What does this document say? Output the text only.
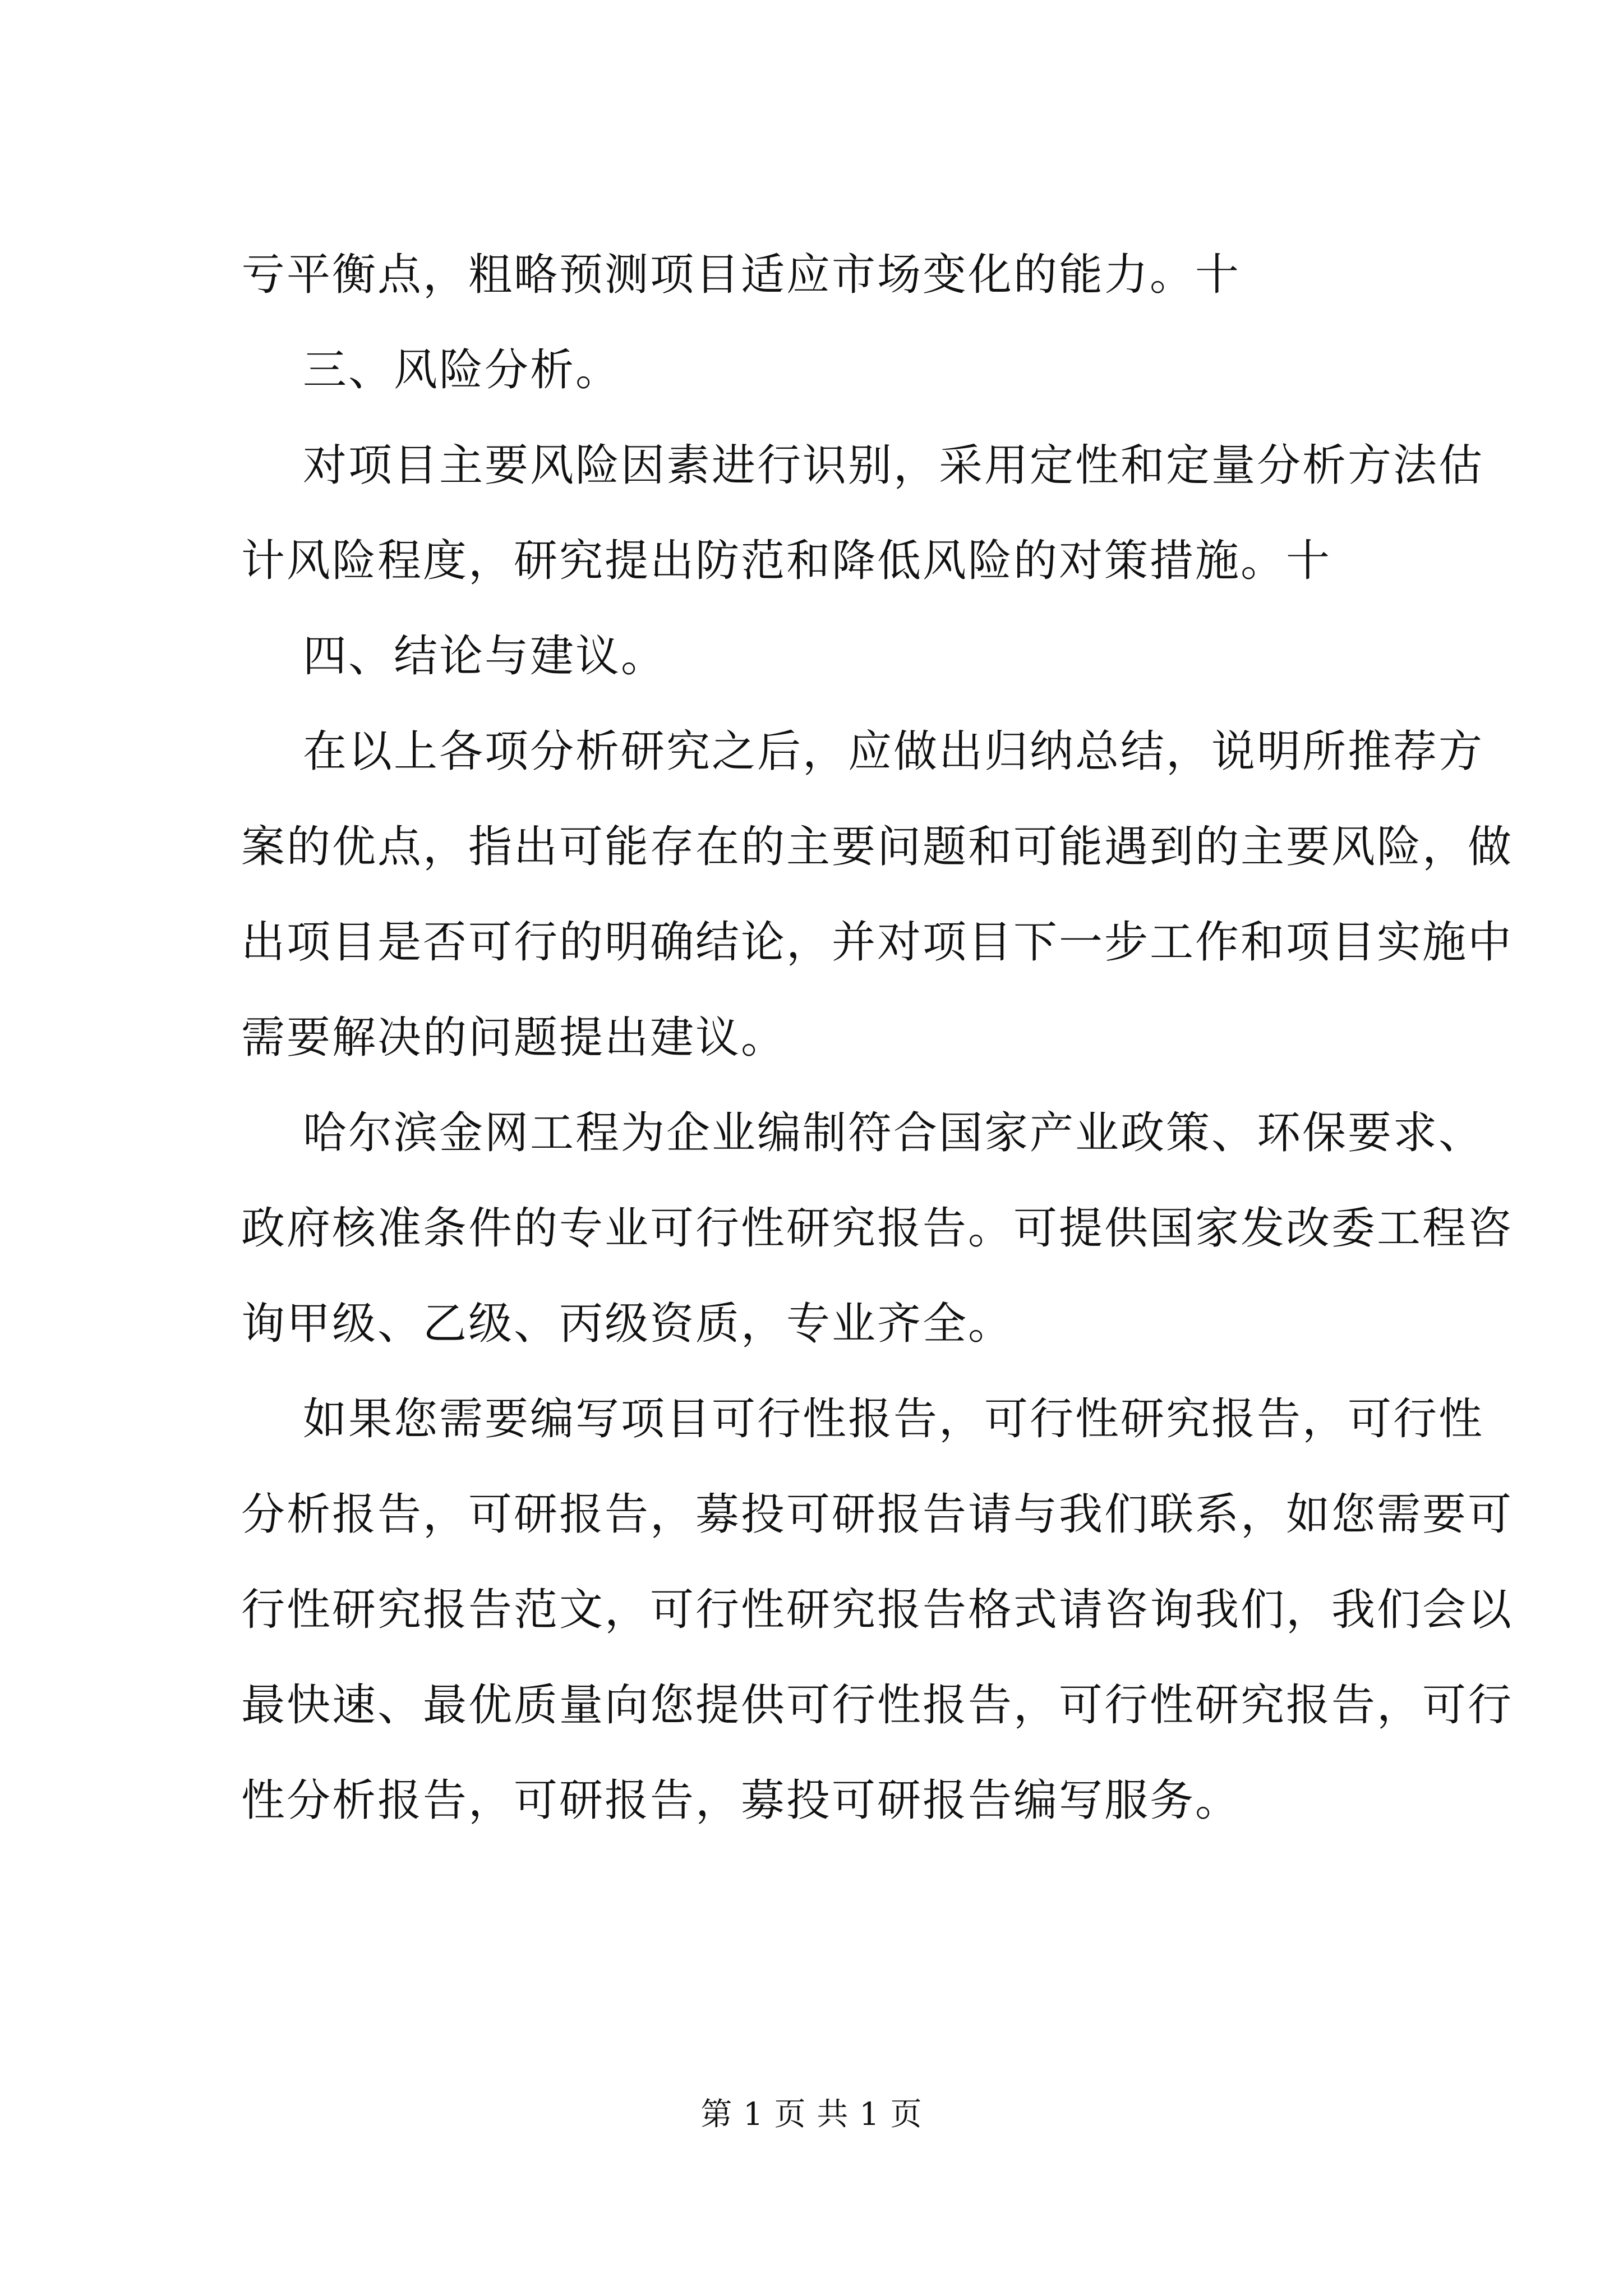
亏平衡点，粗略预测项目适应市场变化的能力。十
三、风险分析。
对项目主要风险因素进行识别，采用定性和定量分析方法估
计风险程度，研究提出防范和降低风险的对策措施。十
四、结论与建议。
在以上各项分析研究之后，应做出归纳总结，说明所推荐方
案的优点，指出可能存在的主要问题和可能遇到的主要风险，做
出项目是否可行的明确结论，并对项目下一步工作和项目实施中
需要解决的问题提出建议。
哈尔滨金网工程为企业编制符合国家产业政策、环保要求、
政府核准条件的专业可行性研究报告。可提供国家发改委工程咨
询甲级、乙级、丙级资质，专业齐全。
如果您需要编写项目可行性报告，可行性研究报告，可行性
分析报告，可研报告，募投可研报告请与我们联系，如您需要可
行性研究报告范文，可行性研究报告格式请咨询我们，我们会以
最快速、最优质量向您提供可行性报告，可行性研究报告，可行
性分析报告，可研报告，募投可研报告编写服务。
第 1 页 共 1 页
